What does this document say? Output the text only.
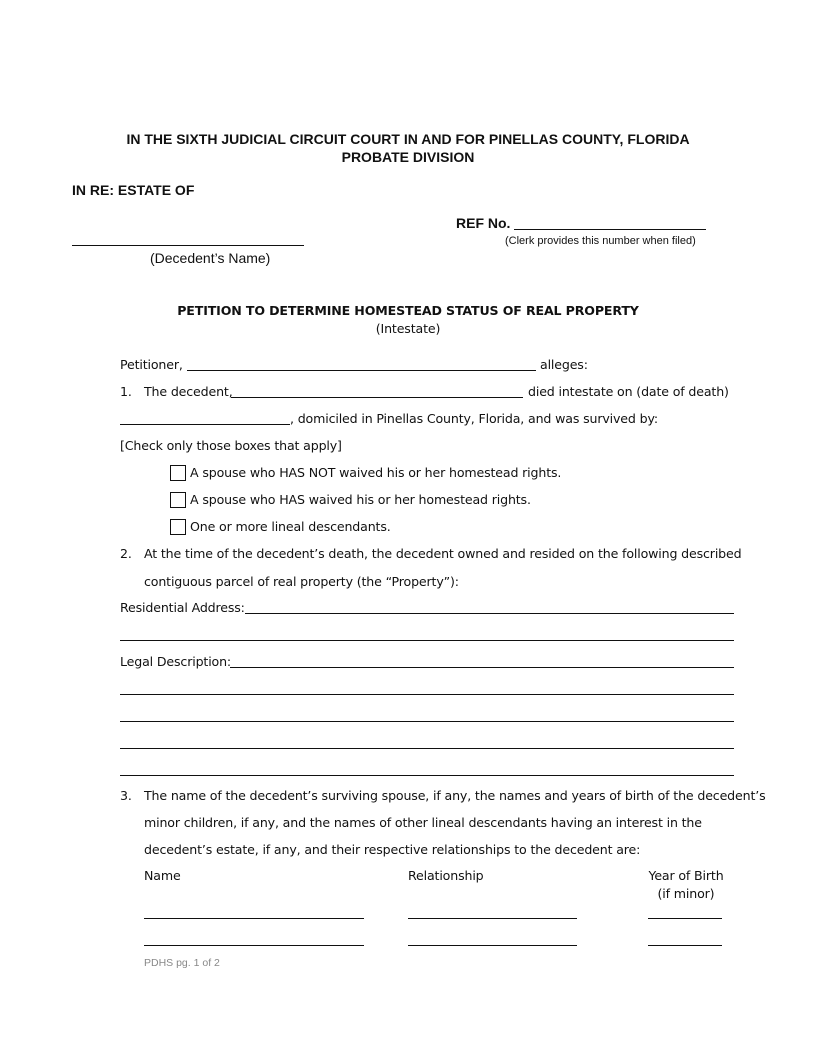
IN THE SIXTH JUDICIAL CIRCUIT COURT IN AND FOR PINELLAS COUNTY, FLORIDA
PROBATE DIVISION
IN RE: ESTATE OF
REF No.
(Clerk provides this number when filed)
(Decedent’s Name)
PETITION TO DETERMINE HOMESTEAD STATUS OF REAL PROPERTY
(Intestate)
Petitioner,	alleges:
1. The decedent,	died intestate on (date of death)
, domiciled in Pinellas County, Florida, and was survived by:
[Check only those boxes that apply]
A spouse who HAS NOT waived his or her homestead rights.
A spouse who HAS waived his or her homestead rights.
One or more lineal descendants.
2. At the time of the decedent’s death, the decedent owned and resided on the following described
contiguous parcel of real property (the “Property”):
Residential Address:
Legal Description:
3. The name of the decedent’s surviving spouse, if any, the names and years of birth of the decedent’s
minor children, if any, and the names of other lineal descendants having an interest in the
decedent’s estate, if any, and their respective relationships to the decedent are:
Name	Relationship	Year of Birth
(if minor)
PDHS pg. 1 of 2
